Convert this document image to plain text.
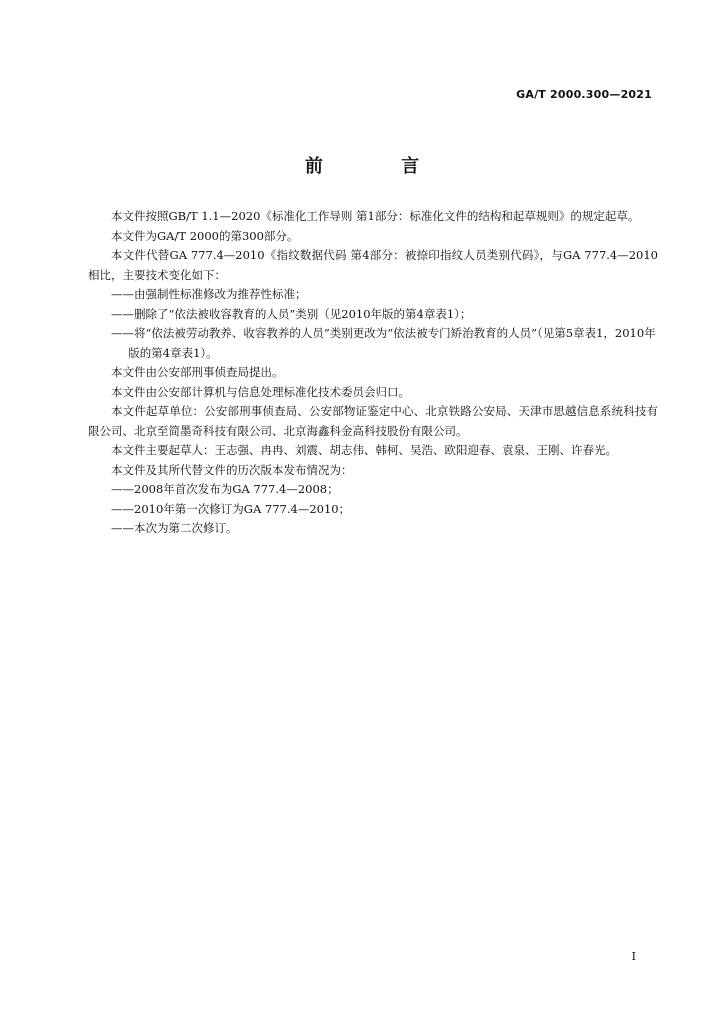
GA/T 2000.300—2021
前 言

本文件按照GB/T 1.1—2020《标准化工作导则 第1部分：标准化文件的结构和起草规则》的规定起草。

本文件为GA/T 2000的第300部分。

本文件代替GA 777.4—2010《指纹数据代码 第4部分：被捺印指纹人员类别代码》，与GA 777.4—2010相比，主要技术变化如下：

——由强制性标准修改为推荐性标准；

——删除了“依法被收容教育的人员”类别（见2010年版的第4章表1）；

——将“依法被劳动教养、收容教养的人员”类别更改为“依法被专门矫治教育的人员”（见第5章表1，2010年版的第4章表1）。

本文件由公安部刑事侦查局提出。

本文件由公安部计算机与信息处理标准化技术委员会归口。

本文件起草单位：公安部刑事侦查局、公安部物证鉴定中心、北京铁路公安局、天津市思越信息系统科技有限公司、北京至简墨奇科技有限公司、北京海鑫科金高科技股份有限公司。

本文件主要起草人：王志强、冉冉、刘震、胡志伟、韩柯、吴浩、欧阳迎春、袁泉、王刚、许春光。

本文件及其所代替文件的历次版本发布情况为：

——2008年首次发布为GA 777.4—2008；

——2010年第一次修订为GA 777.4—2010；

——本次为第二次修订。

I
